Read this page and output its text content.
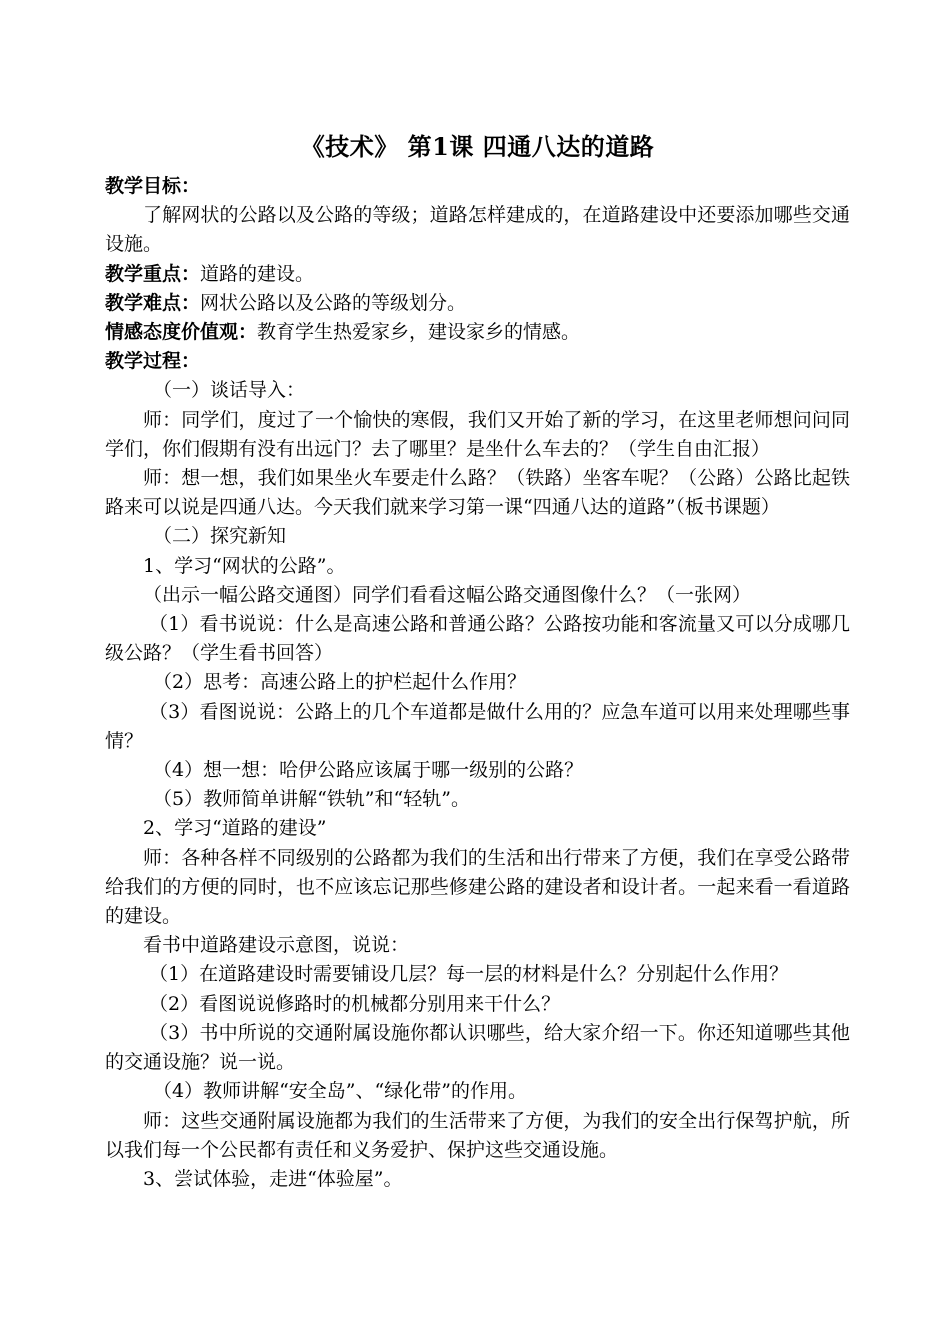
《技术》 第1课 四通八达的道路

教学目标：

了解网状的公路以及公路的等级；道路怎样建成的，在道路建设中还要添加哪些交通设施。

教学重点：道路的建设。

教学难点：网状公路以及公路的等级划分。

情感态度价值观：教育学生热爱家乡，建设家乡的情感。

教学过程：

（一）谈话导入：

师：同学们，度过了一个愉快的寒假，我们又开始了新的学习，在这里老师想问问同学们，你们假期有没有出远门？去了哪里？是坐什么车去的？（学生自由汇报）

师：想一想，我们如果坐火车要走什么路？（铁路）坐客车呢？（公路）公路比起铁路来可以说是四通八达。今天我们就来学习第一课“四通八达的道路”（板书课题）

（二）探究新知

1、学习“网状的公路”。

（出示一幅公路交通图）同学们看看这幅公路交通图像什么？（一张网）

（1）看书说说：什么是高速公路和普通公路？公路按功能和客流量又可以分成哪几级公路？（学生看书回答）

（2）思考：高速公路上的护栏起什么作用？

（3）看图说说：公路上的几个车道都是做什么用的？应急车道可以用来处理哪些事情？

（4）想一想：哈伊公路应该属于哪一级别的公路？

（5）教师简单讲解“铁轨”和“轻轨”。

2、学习“道路的建设”

师：各种各样不同级别的公路都为我们的生活和出行带来了方便，我们在享受公路带给我们的方便的同时，也不应该忘记那些修建公路的建设者和设计者。一起来看一看道路的建设。

看书中道路建设示意图，说说：

（1）在道路建设时需要铺设几层？每一层的材料是什么？分别起什么作用？

（2）看图说说修路时的机械都分别用来干什么？

（3）书中所说的交通附属设施你都认识哪些，给大家介绍一下。你还知道哪些其他的交通设施？说一说。

（4）教师讲解“安全岛”、“绿化带”的作用。

师：这些交通附属设施都为我们的生活带来了方便，为我们的安全出行保驾护航，所以我们每一个公民都有责任和义务爱护、保护这些交通设施。

3、尝试体验，走进“体验屋”。
